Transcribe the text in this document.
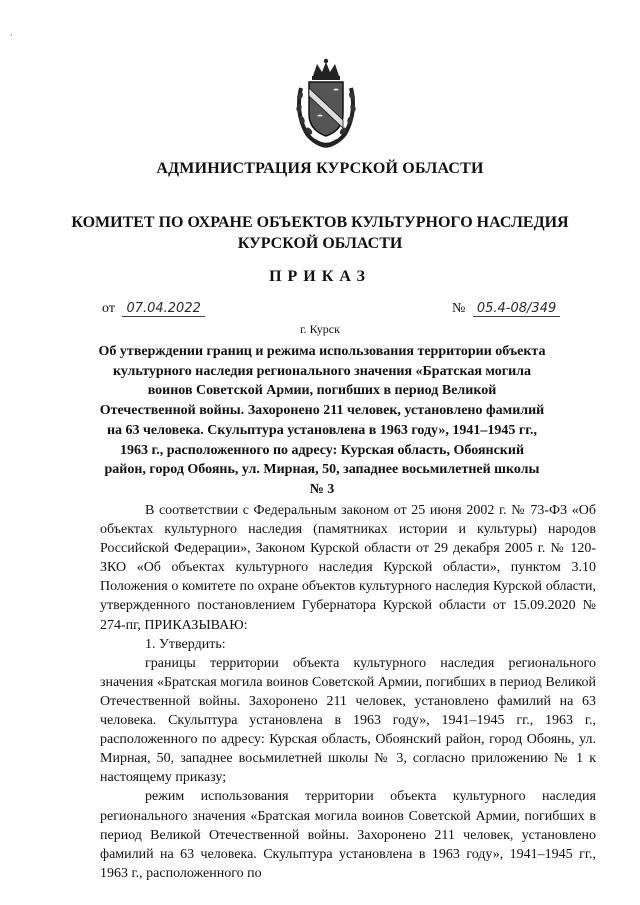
·
АДМИНИСТРАЦИЯ КУРСКОЙ ОБЛАСТИ
КОМИТЕТ ПО ОХРАНЕ ОБЪЕКТОВ КУЛЬТУРНОГО НАСЛЕДИЯ
КУРСКОЙ ОБЛАСТИ
ПРИКАЗ
от 07.04.2022	№ 05.4-08/349
г. Курск
Об утверждении границ и режима использования территории объекта культурного наследия регионального значения «Братская могила воинов Советской Армии, погибших в период Великой Отечественной войны. Захоронено 211 человек, установлено фамилий на 63 человека. Скульптура установлена в 1963 году», 1941–1945 гг., 1963 г., расположенного по адресу: Курская область, Обоянский район, город Обоянь, ул. Мирная, 50, западнее восьмилетней школы № 3

В соответствии с Федеральным законом от 25 июня 2002 г. № 73-ФЗ «Об объектах культурного наследия (памятниках истории и культуры) народов Российской Федерации», Законом Курской области от 29 декабря 2005 г. № 120-ЗКО «Об объектах культурного наследия Курской области», пунктом 3.10 Положения о комитете по охране объектов культурного наследия Курской области, утвержденного постановлением Губернатора Курской области от 15.09.2020 № 274-пг, ПРИКАЗЫВАЮ:

1. Утвердить:

границы территории объекта культурного наследия регионального значения «Братская могила воинов Советской Армии, погибших в период Великой Отечественной войны. Захоронено 211 человек, установлено фамилий на 63 человека. Скульптура установлена в 1963 году», 1941–1945 гг., 1963 г., расположенного по адресу: Курская область, Обоянский район, город Обоянь, ул. Мирная, 50, западнее восьмилетней школы № 3, согласно приложению № 1 к настоящему приказу;

режим использования территории объекта культурного наследия регионального значения «Братская могила воинов Советской Армии, погибших в период Великой Отечественной войны. Захоронено 211 человек, установлено фамилий на 63 человека. Скульптура установлена в 1963 году», 1941–1945 гг., 1963 г., расположенного по
